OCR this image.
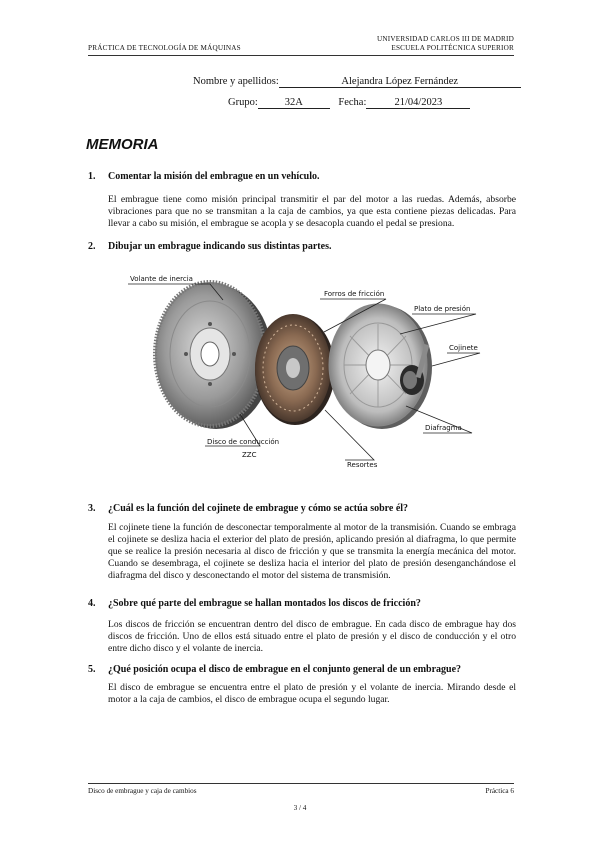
PRÁCTICA DE TECNOLOGÍA DE MÁQUINAS
UNIVERSIDAD CARLOS III DE MADRID
ESCUELA POLITÉCNICA SUPERIOR
Nombre y apellidos:	Alejandra López Fernández
Grupo:	32A	Fecha:	21/04/2023
MEMORIA
1. Comentar la misión del embrague en un vehículo.
El embrague tiene como misión principal transmitir el par del motor a las ruedas. Además, absorbe vibraciones para que no se transmitan a la caja de cambios, ya que esta contiene piezas delicadas. Para llevar a cabo su misión, el embrague se acopla y se desacopla cuando el pedal se presiona.
2. Dibujar un embrague indicando sus distintas partes.
Volante de inercia
Forros de fricción
Plato de presión
Cojinete
Diafragma
Resortes
Disco de conducción
ZZC
3. ¿Cuál es la función del cojinete de embrague y cómo se actúa sobre él?
El cojinete tiene la función de desconectar temporalmente al motor de la transmisión. Cuando se embraga el cojinete se desliza hacia el exterior del plato de presión, aplicando presión al diafragma, lo que permite que se realice la presión necesaria al disco de fricción y que se transmita la energía mecánica del motor. Cuando se desembraga, el cojinete se desliza hacia el interior del plato de presión desenganchándose el diafragma del disco y desconectando el motor del sistema de transmisión.
4. ¿Sobre qué parte del embrague se hallan montados los discos de fricción?
Los discos de fricción se encuentran dentro del disco de embrague. En cada disco de embrague hay dos discos de fricción. Uno de ellos está situado entre el plato de presión y el disco de conducción y el otro entre dicho disco y el volante de inercia.
5. ¿Qué posición ocupa el disco de embrague en el conjunto general de un embrague?
El disco de embrague se encuentra entre el plato de presión y el volante de inercia. Mirando desde el motor a la caja de cambios, el disco de embrague ocupa el segundo lugar.
Disco de embrague y caja de cambios	Práctica 6
3 / 4
